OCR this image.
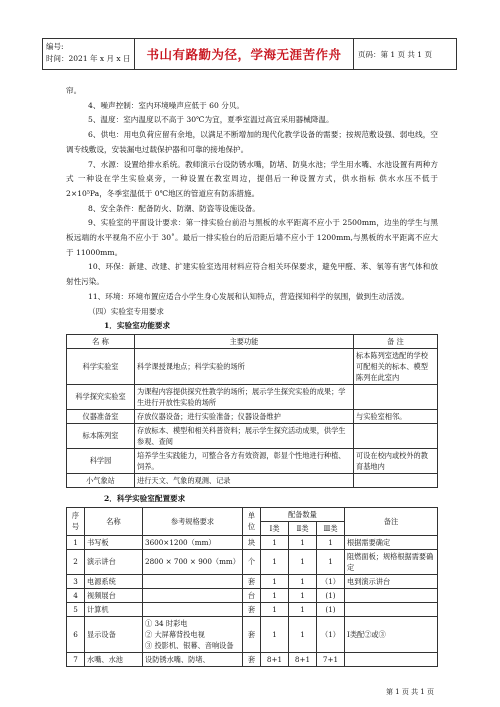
编号:
时间：2021 年 x 月 x 日	书山有路勤为径，学海无涯苦作舟	页码：第 1 页 共 1 页

帘。

4、噪声控制：室内环境噪声应低于 60 分贝。

5、温度：室内温度以不高于 30℃为宜，夏季室温过高宜采用器械降温。

6、供电：用电负荷应留有余地，以满足不断增加的现代化教学设备的需要；按规范敷设强、弱电线，空调专线敷设，安装漏电过载保护器和可靠的接地保护。

7、水源：设置给排水系统。教师演示台设防锈水嘴，防堵、防臭水池；学生用水嘴、水池设置有两种方式 一种设在学生实验桌旁，一种设置在教室周边，提倡后一种设置方式，供水指标 供水水压不低于 2×10⁵Pa，冬季室温低于 0℃地区的管道应有防冻措施。

8、安全条件：配备防火、防潮、防盗等设施设备。

9、实验室的平面设计要求：第一排实验台前沿与黑板的水平距离不应小于 2500mm，边坐的学生与黑板远端的水平视角不应小于 30˚。最后一排实验台的后沿距后墙不应小于 1200mm,与黑板的水平距离不应大于 11000mm。

10、环保：新建、改建、扩建实验室选用材料应符合相关环保要求，避免甲醛、苯、氡等有害气体和放射性污染。

11、环境：环境布置应适合小学生身心发展和认知特点，营造探知科学的氛围，做到生动活泼。

（四）实验室专用要求

1．实验室功能要求

名 称	主要功能	备 注
科学实验室	科学课授课地点；科学实验的场所	标本陈列室选配的学校可配相关的标本、模型陈列在此室内
科学探究实验室	为课程内容提供探究性教学的场所；展示学生探究实验的成果；学生进行开放性实验的场所	
仪器准备室	存放仪器设备；进行实验准备；仪器设备维护	与实验室相邻。
标本陈列室	存放标本、模型和相关科普资料；展示学生探究活动成果，供学生参观、查阅	
科学园	培养学生实践能力，可整合各方有效资源，彰显个性地进行种植、饲养。	可设在校内或校外的教育基地内
小气象站	进行天文、气象的观测、记录	

2．科学实验室配置要求

序号	名称	参考规格要求	单位	配备数量			备注
				Ⅰ类	Ⅱ类	Ⅲ类	
1	书写板	3600×1200（mm）	块	1	1	1	根据需要确定
2	演示讲台	2800 × 700 × 900（mm）	个	1	1	1	阻燃面板；规格根据需要确定
3	电源系统		套	1	1	（1）	电到演示讲台
4	视频展台		台	1	1	(1)	
5	计算机		套	1	1	(1)	
6	显示设备	① 34 时彩电
② 大屏幕背投电视
③ 投影机、银幕、音响设备	套	1	1	（1）	Ⅰ类配②或③
7	水嘴、水池	设防锈水嘴、防堵、	套	8+1	8+1	7+1	
第 1 页 共 1 页
